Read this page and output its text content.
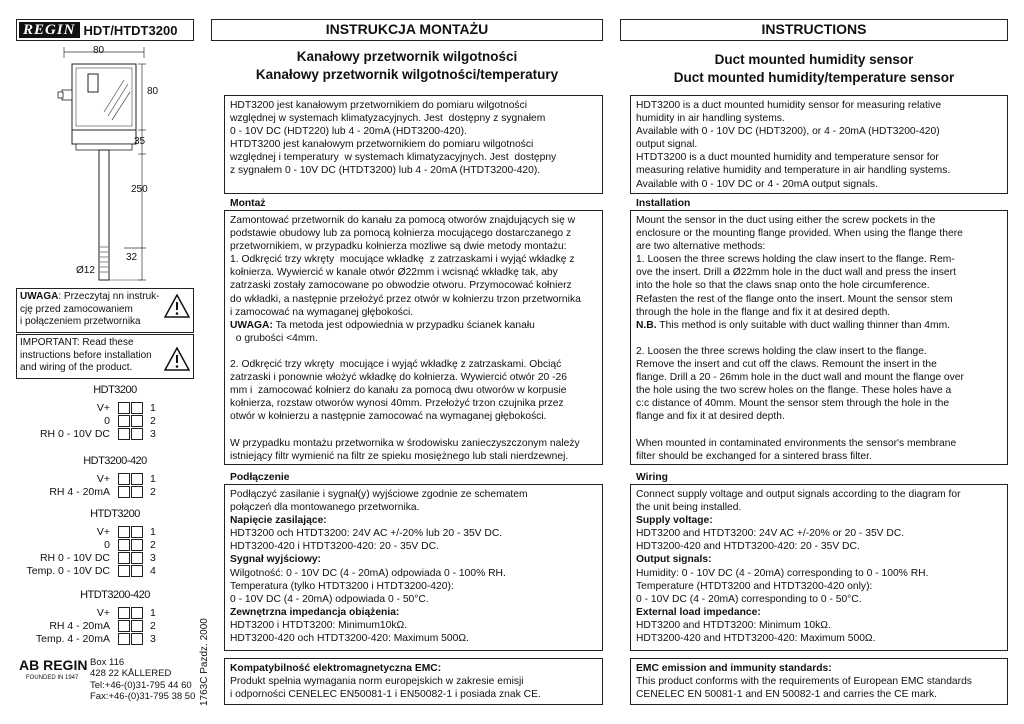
REGIN HDT/HTDT3200
80
80
35
250
32
Ø12
UWAGA: Przeczytaj nn instruk-
cję przed zamocowaniem
i połączeniem przetwornika
IMPORTANT: Read these
instructions before installation
and wiring of the product.
HDT3200
V+	1
0	2
RH 0 - 10V DC	3
HDT3200-420
V+	1
RH 4 - 20mA	2
HTDT3200
V+	1
0	2
RH 0 - 10V DC	3
Temp. 0 - 10V DC	4
HTDT3200-420
V+	1
RH 4 - 20mA	2
Temp. 4 - 20mA	3
AB REGIN
FOUNDED IN 1947
Box 116
428 22 KÅLLERED
Tel:+46-(0)31-795 44 60
Fax:+46-(0)31-795 38 50 1763C Pazdz. 2000
INSTRUKCJA MONTAŻU
Kanałowy przetwornik wilgotności
Kanałowy przetwornik wilgotności/temperatury
HDT3200 jest kanałowym przetwornikiem do pomiaru wilgotności
względnej w systemach klimatyzacyjnych. Jest  dostępny z sygnałem
0 - 10V DC (HDT220) lub 4 - 20mA (HDT3200-420).
HTDT3200 jest kanałowym przetwornikiem do pomiaru wilgotności
względnej i temperatury  w systemach klimatyzacyjnych. Jest  dostępny
z sygnałem 0 - 10V DC (HTDT3200) lub 4 - 20mA (HTDT3200-420).
Montaż
Zamontować przetwornik do kanału za pomocą otworów znajdujących się w
podstawie obudowy lub za pomocą kołnierza mocującego dostarczanego z
przetwornikiem, w przypadku kołnierza mozliwe są dwie metody montażu:
1. Odkręcić trzy wkręty  mocujące wkładkę  z zatrzaskami i wyjąć wkładkę z
kołnierza. Wywiercić w kanale otwór Ø22mm i wcisnąć wkładkę tak, aby
zatrzaski zostały zamocowane po obwodzie otworu. Przymocować kołnierz
do wkładki, a następnie przełożyć przez otwór w kołnierzu trzon przetwornika
i zamocować na wymaganej głębokości.
UWAGA: Ta metoda jest odpowiednia w przypadku ścianek kanału
o grubości <4mm.

2. Odkręcić trzy wkręty  mocujące i wyjąć wkładkę z zatrzaskami. Obciąć
zatrzaski i ponownie włożyć wkładkę do kołnierza. Wywiercić otwór 20 -26
mm i  zamocować kołnierz do kanału za pomocą dwu otworów w korpusie
kołnierza, rozstaw otworów wynosi 40mm. Przełożyć trzon czujnika przez
otwór w kołnierzu a następnie zamocować na wymaganej głębokości.

W przypadku montażu przetwornika w środowisku zanieczyszczonym należy
istniejący filtr wymienić na filtr ze spieku mosiężnego lub stali nierdzewnej.
Podłączenie
Podłączyć zasilanie i sygnał(y) wyjściowe zgodnie ze schematem
połączeń dla montowanego przetwornika.
Napięcie zasilające:
HDT3200 och HTDT3200: 24V AC +/-20% lub 20 - 35V DC.
HDT3200-420 i HTDT3200-420: 20 - 35V DC.
Sygnał wyjściowy:
Wilgotność: 0 - 10V DC (4 - 20mA) odpowiada 0 - 100% RH.
Temperatura (tylko HTDT3200 i HTDT3200-420):
0 - 10V DC (4 - 20mA) odpowiada 0 - 50°C.
Zewnętrzna impedancja obiążenia:
HDT3200 i HTDT3200: Minimum10kΩ.
HDT3200-420 och HTDT3200-420: Maximum 500Ω.
Kompatybilność elektromagnetyczna EMC:
Produkt spełnia wymagania norm europejskich w zakresie emisji
i odporności CENELEC EN50081-1 i EN50082-1 i posiada znak CE.
INSTRUCTIONS
Duct mounted humidity sensor
Duct mounted humidity/temperature sensor
HDT3200 is a duct mounted humidity sensor for measuring relative
humidity in air handling systems.
Available with 0 - 10V DC (HDT3200), or 4 - 20mA (HDT3200-420)
output signal.
HTDT3200 is a duct mounted humidity and temperature sensor for
measuring relative humidity and temperature in air handling systems.
Available with 0 - 10V DC or 4 - 20mA output signals.
Installation
Mount the sensor in the duct using either the screw pockets in the
enclosure or the mounting flange provided. When using the flange there
are two alternative methods:
1. Loosen the three screws holding the claw insert to the flange. Rem-
ove the insert. Drill a Ø22mm hole in the duct wall and press the insert
into the hole so that the claws snap onto the hole circumference.
Refasten the rest of the flange onto the insert. Mount the sensor stem
through the hole in the flange and fix it at desired depth.
N.B. This method is only suitable with duct walling thinner than 4mm.

2. Loosen the three screws holding the claw insert to the flange.
Remove the insert and cut off the claws. Remount the insert in the
flange. Drill a 20 - 26mm hole in the duct wall and mount the flange over
the hole using the two screw holes on the flange. These holes have a
c:c distance of 40mm. Mount the sensor stem through the hole in the
flange and fix it at desired depth.

When mounted in contaminated environments the sensor's membrane
filter should be exchanged for a sintered brass filter.
Wiring
Connect supply voltage and output signals according to the diagram for
the unit being installed.
Supply voltage:
HDT3200 and HTDT3200: 24V AC +/-20% or 20 - 35V DC.
HDT3200-420 and HTDT3200-420: 20 - 35V DC.
Output signals:
Humidity: 0 - 10V DC (4 - 20mA) corresponding to 0 - 100% RH.
Temperature (HTDT3200 and HTDT3200-420 only):
0 - 10V DC (4 - 20mA) corresponding to 0 - 50°C.
External load impedance:
HDT3200 and HTDT3200: Minimum 10kΩ.
HDT3200-420 and HTDT3200-420: Maximum 500Ω.
EMC emission and immunity standards:
This product conforms with the requirements of European EMC standards
CENELEC EN 50081-1 and EN 50082-1 and carries the CE mark.
